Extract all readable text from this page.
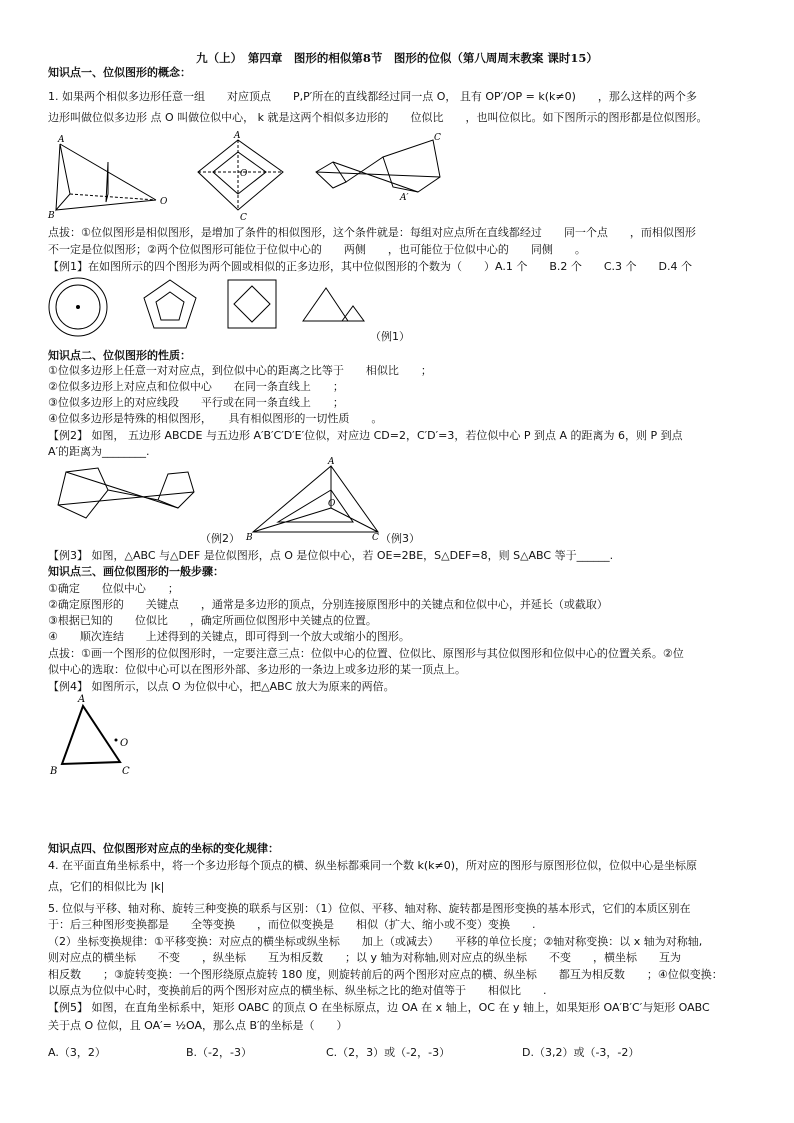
九（上）　第四章　图形的相似第8节　图形的位似（第八周周末教案 课时15）
知识点一、位似图形的概念：
1. 如果两个相似多边形任意一组　　对应顶点　　P,P′所在的直线都经过同一点 O， 且有 OP′/OP = k(k≠0)　　，那么这样的两个多
边形叫做位似多边形 点 O 叫做位似中心， k 就是这两个相似多边形的　　位似比　　，也叫位似比。如下图所示的图形都是位似图形。
A
B
O
A
C
O
C
A′
点拔：①位似图形是相似图形，是增加了条件的相似图形，这个条件就是：每组对应点所在直线都经过　　同一个点　　，而相似图形
不一定是位似图形；②两个位似图形可能位于位似中心的　　两侧　　，也可能位于位似中心的　　同侧　　。
【例1】在如图所示的四个图形为两个圆或相似的正多边形，其中位似图形的个数为（　　）A.1 个　　B.2 个　　C.3 个　　D.4 个
（例1）
知识点二、位似图形的性质：
①位似多边形上任意一对对应点，到位似中心的距离之比等于　　相似比　　；
②位似多边形上对应点和位似中心　　在同一条直线上　　；
③位似多边形上的对应线段　　平行或在同一条直线上　　；
④位似多边形是特殊的相似图形，　　具有相似图形的一切性质　　。
【例2】 如图， 五边形 ABCDE 与五边形 A′B′C′D′E′位似，对应边 CD=2，C′D′=3，若位似中心 P 到点 A 的距离为 6，则 P 到点
A′的距离为________.
A
B	C
O
（例2）	（例3）
【例3】 如图，△ABC 与△DEF 是位似图形，点 O 是位似中心，若 OE=2BE，S△DEF=8，则 S△ABC 等于______.
知识点三、画位似图形的一般步骤：
①确定　　位似中心　　；
②确定原图形的　　关键点　　，通常是多边形的顶点，分别连接原图形中的关键点和位似中心，并延长（或截取）
③根据已知的　　位似比　　，确定所画位似图形中关键点的位置。
④　　顺次连结　　上述得到的关键点，即可得到一个放大或缩小的图形。
点拔：①画一个图形的位似图形时，一定要注意三点：位似中心的位置、位似比、原图形与其位似图形和位似中心的位置关系。②位
似中心的选取：位似中心可以在图形外部、多边形的一条边上或多边形的某一顶点上。
【例4】 如图所示，以点 O 为位似中心，把△ABC 放大为原来的两倍。
A
B	C
O
知识点四、位似图形对应点的坐标的变化规律：
4. 在平面直角坐标系中，将一个多边形每个顶点的横、纵坐标都乘同一个数 k(k≠0)，所对应的图形与原图形位似，位似中心是坐标原
点，它们的相似比为 |k|
5. 位似与平移、轴对称、旋转三种变换的联系与区别：（1）位似、平移、轴对称、旋转都是图形变换的基本形式，它们的本质区别在
于：后三种图形变换都是　　全等变换　　，而位似变换是　　相似（扩大、缩小或不变）变换　　.
（2）坐标变换规律：①平移变换：对应点的横坐标或纵坐标　　加上（或减去）　　平移的单位长度；②轴对称变换：以 x 轴为对称轴,
则对应点的横坐标　　不变　　，纵坐标　　互为相反数　　；以 y 轴为对称轴,则对应点的纵坐标　　不变　　，横坐标　　互为
相反数　　；③旋转变换：一个图形绕原点旋转 180 度，则旋转前后的两个图形对应点的横、纵坐标　　都互为相反数　　；④位似变换：
以原点为位似中心时，变换前后的两个图形对应点的横坐标、纵坐标之比的绝对值等于　　相似比　　.
【例5】 如图，在直角坐标系中，矩形 OABC 的顶点 O 在坐标原点，边 OA 在 x 轴上，OC 在 y 轴上，如果矩形 OA′B′C′与矩形 OABC
关于点 O 位似，且 OA′= ½OA，那么点 B′的坐标是（　　）
A.（3，2）	B.（-2，-3）	C.（2，3）或（-2，-3）	D.（3,2）或（-3，-2）
